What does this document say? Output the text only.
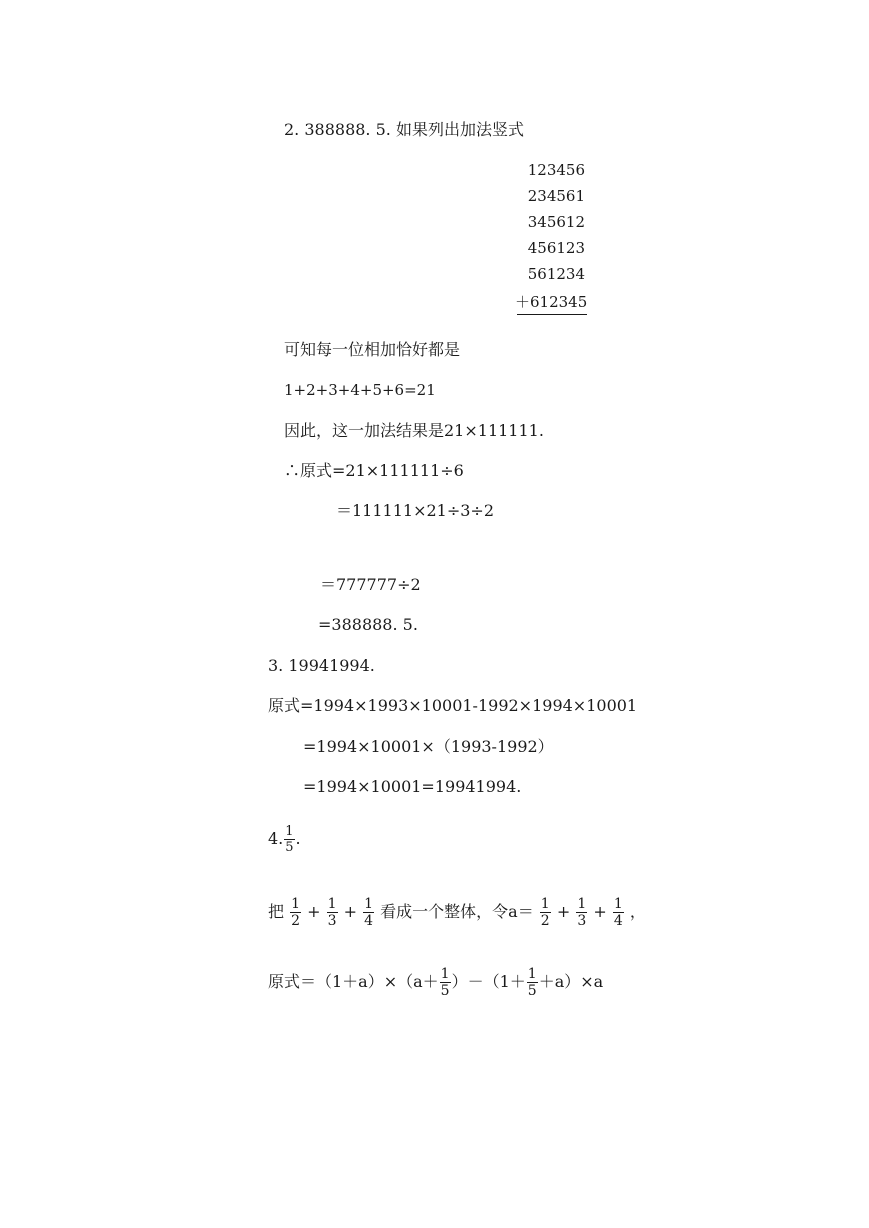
2. 388888. 5. 如果列出加法竖式
123456
234561
345612
456123
561234
＋612345
可知每一位相加恰好都是
1+2+3+4+5+6=21
因此，这一加法结果是21×111111.
∴原式=21×111111÷6
＝111111×21÷3÷2
＝777777÷2
=388888. 5.
3. 19941994.
原式=1994×1993×10001-1992×1994×10001
=1994×10001×（1993-1992）
=1994×10001=19941994.
4. $\frac{1}{5}$ .
把 $\frac{1}{2} + \frac{1}{3} + \frac{1}{4}$ 看成一个整体，令$a= \frac{1}{2} + \frac{1}{3} + \frac{1}{4}$ ，
原式$=(1+a)\times(a+ \frac{1}{5} )-(1+ \frac{1}{5} +a)\times a$
